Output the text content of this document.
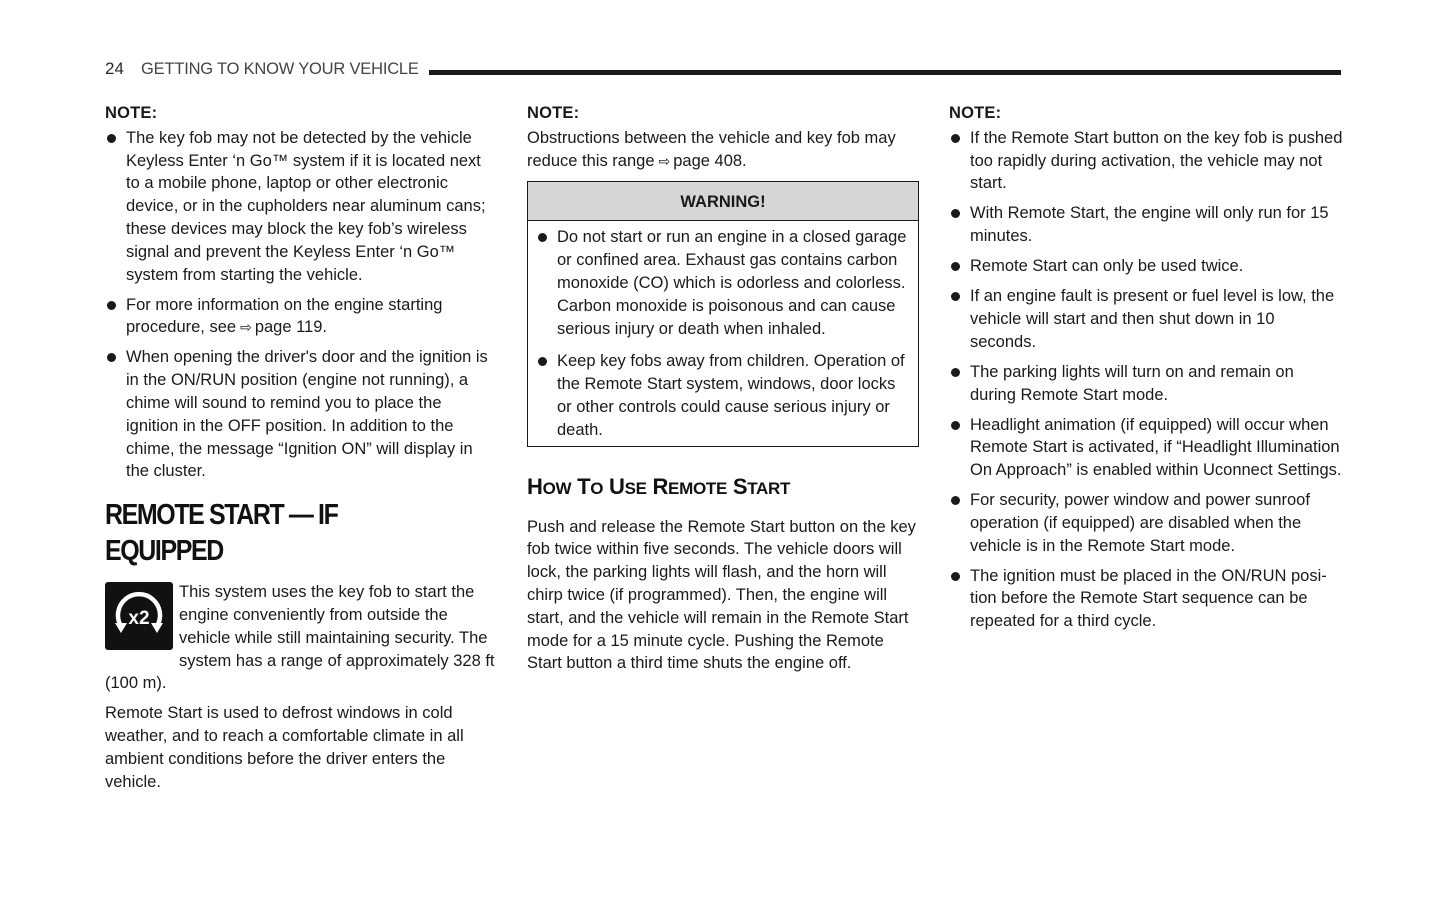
24 GETTING TO KNOW YOUR VEHICLE
NOTE:
The key fob may not be detected by the vehicle Keyless Enter ‘n Go™ system if it is located next to a mobile phone, laptop or other electronic device, or in the cupholders near aluminum cans; these devices may block the key fob’s wireless signal and prevent the Keyless Enter ‘n Go™ system from starting the vehicle.
For more information on the engine starting procedure, see ⇨ page 119.
When opening the driver's door and the ignition is in the ON/RUN position (engine not running), a chime will sound to remind you to place the ignition in the OFF position. In addition to the chime, the message “Ignition ON” will display in the cluster.
REMOTE START — IF EQUIPPED
x2

This system uses the key fob to start the engine conveniently from outside the vehicle while still maintaining security. The system has a range of approximately 328 ft (100 m).

Remote Start is used to defrost windows in cold weather, and to reach a comfortable climate in all ambient conditions before the driver enters the vehicle.

NOTE:

Obstructions between the vehicle and key fob may reduce this range ⇨ page 408.

WARNING!
Do not start or run an engine in a closed garage or confined area. Exhaust gas contains carbon monoxide (CO) which is odorless and colorless. Carbon monoxide is poisonous and can cause serious injury or death when inhaled.
Keep key fobs away from children. Operation of the Remote Start system, windows, door locks or other controls could cause serious injury or death.
HOW TO USE REMOTE START

Push and release the Remote Start button on the key fob twice within five seconds. The vehicle doors will lock, the parking lights will flash, and the horn will chirp twice (if programmed). Then, the engine will start, and the vehicle will remain in the Remote Start mode for a 15 minute cycle. Pushing the Remote Start button a third time shuts the engine off.

NOTE:
If the Remote Start button on the key fob is pushed too rapidly during activation, the vehicle may not start.
With Remote Start, the engine will only run for 15 minutes.
Remote Start can only be used twice.
If an engine fault is present or fuel level is low, the vehicle will start and then shut down in 10 seconds.
The parking lights will turn on and remain on during Remote Start mode.
Headlight animation (if equipped) will occur when Remote Start is activated, if “Headlight Illumination On Approach” is enabled within Uconnect Settings.
For security, power window and power sunroof operation (if equipped) are disabled when the vehicle is in the Remote Start mode.
The ignition must be placed in the ON/RUN position before the Remote Start sequence can be repeated for a third cycle.
